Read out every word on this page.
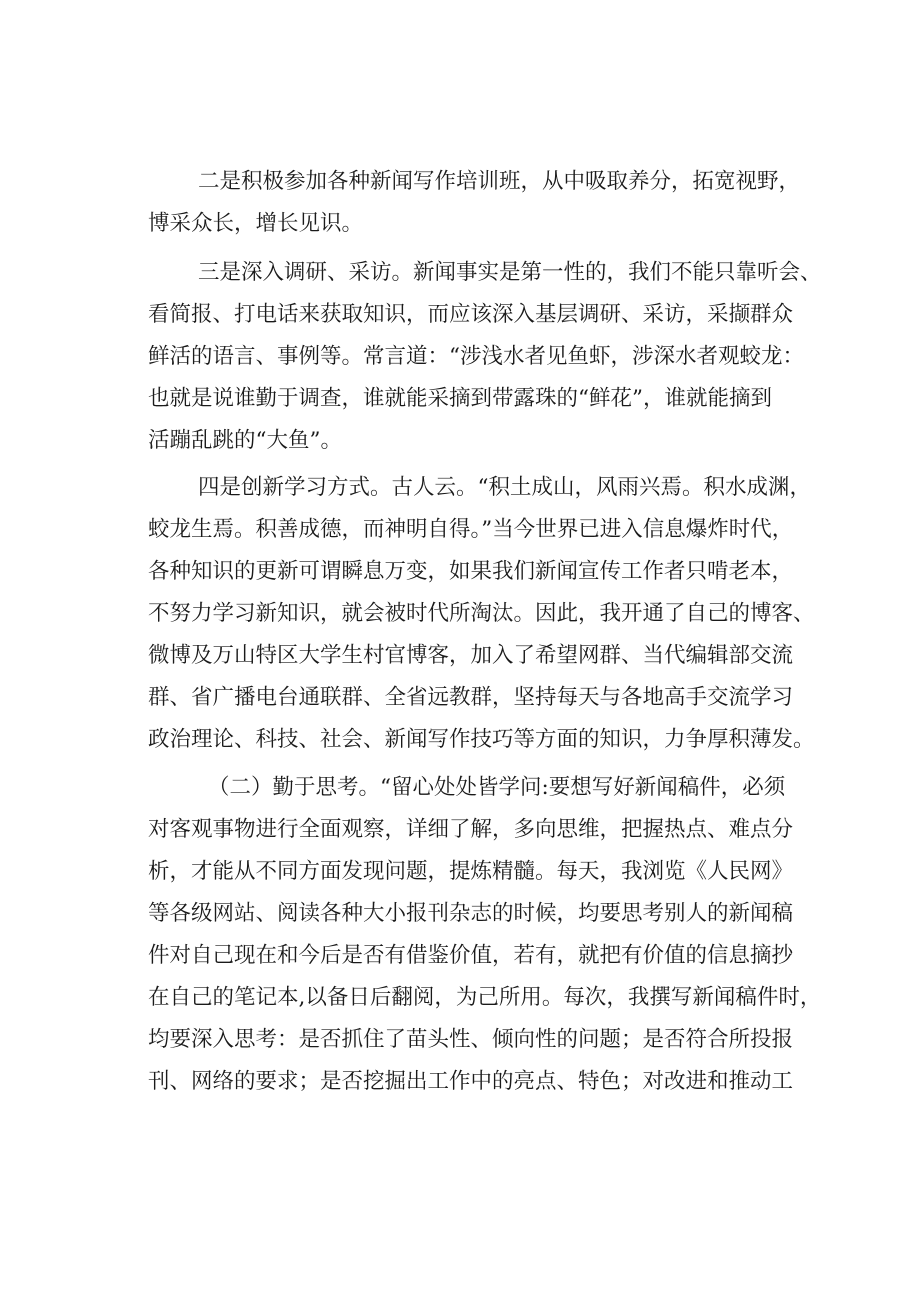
二是积极参加各种新闻写作培训班，从中吸取养分，拓宽视野，
博采众长，增长见识。
三是深入调研、采访。新闻事实是第一性的，我们不能只靠听会、
看简报、打电话来获取知识，而应该深入基层调研、采访，采撷群众
鲜活的语言、事例等。常言道：“涉浅水者见鱼虾，涉深水者观蛟龙：
也就是说谁勤于调查，谁就能采摘到带露珠的“鲜花”，谁就能摘到
活蹦乱跳的“大鱼”。
四是创新学习方式。古人云。“积土成山，风雨兴焉。积水成渊，
蛟龙生焉。积善成德，而神明自得。”当今世界已进入信息爆炸时代，
各种知识的更新可谓瞬息万变，如果我们新闻宣传工作者只啃老本，
不努力学习新知识，就会被时代所淘汰。因此，我开通了自己的博客、
微博及万山特区大学生村官博客，加入了希望网群、当代编辑部交流
群、省广播电台通联群、全省远教群，坚持每天与各地高手交流学习
政治理论、科技、社会、新闻写作技巧等方面的知识，力争厚积薄发。
（二）勤于思考。“留心处处皆学问:要想写好新闻稿件，必须
对客观事物进行全面观察，详细了解，多向思维，把握热点、难点分
析，才能从不同方面发现问题，提炼精髓。每天，我浏览《人民网》
等各级网站、阅读各种大小报刊杂志的时候，均要思考别人的新闻稿
件对自己现在和今后是否有借鉴价值，若有，就把有价值的信息摘抄
在自己的笔记本,以备日后翻阅，为己所用。每次，我撰写新闻稿件时，
均要深入思考：是否抓住了苗头性、倾向性的问题；是否符合所投报
刊、网络的要求；是否挖掘出工作中的亮点、特色；对改进和推动工
